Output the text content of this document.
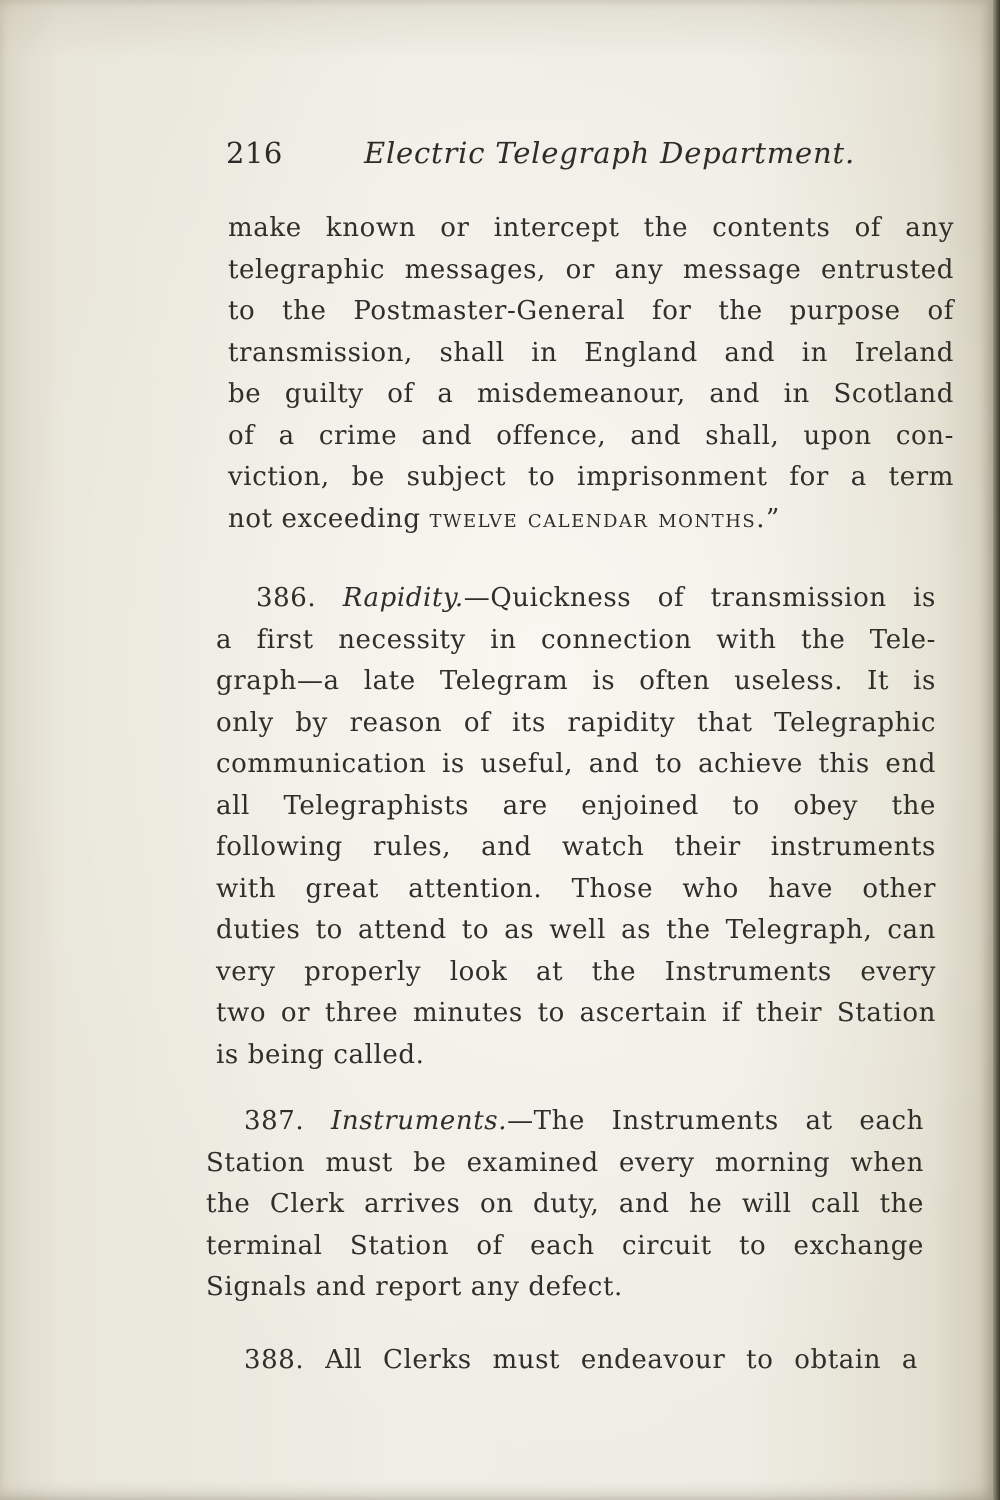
216	Electric Telegraph Department.
make known or intercept the contents of any
telegraphic messages, or any message entrusted
to the Postmaster-General for the purpose of
transmission, shall in England and in Ireland
be guilty of a misdemeanour, and in Scotland
of a crime and offence, and shall, upon con-
viction, be subject to imprisonment for a term
not exceeding twelve calendar months.”
386. Rapidity.—Quickness of transmission is
a first necessity in connection with the Tele-
graph—a late Telegram is often useless. It is
only by reason of its rapidity that Telegraphic
communication is useful, and to achieve this end
all Telegraphists are enjoined to obey the
following rules, and watch their instruments
with great attention. Those who have other
duties to attend to as well as the Telegraph, can
very properly look at the Instruments every
two or three minutes to ascertain if their Station
is being called.
387. Instruments.—The Instruments at each
Station must be examined every morning when
the Clerk arrives on duty, and he will call the
terminal Station of each circuit to exchange
Signals and report any defect.
388. All Clerks must endeavour to obtain a
